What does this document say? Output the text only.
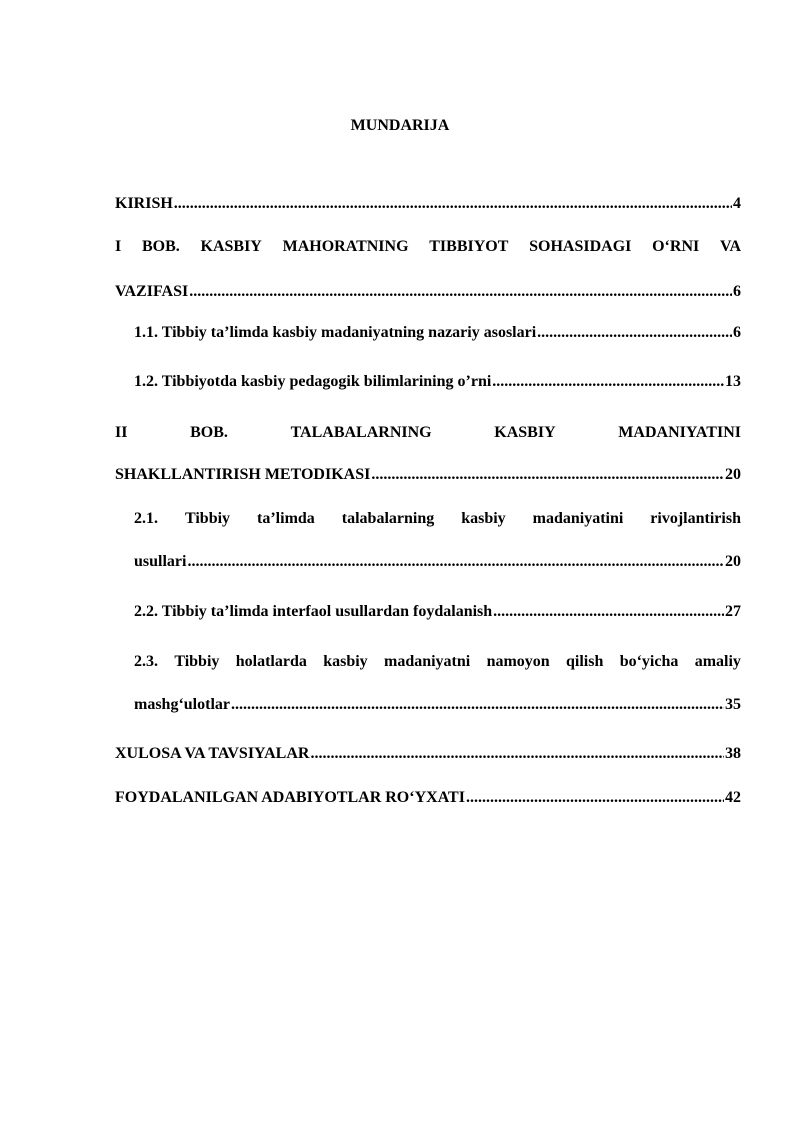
MUNDARIJA
KIRISH .....	4
I BOB. KASBIY MAHORATNING TIBBIYOT SOHASIDAGI O‘RNI VA
VAZIFASI .....	6
1.1. Tibbiy ta’limda kasbiy madaniyatning nazariy asoslari .....	6
1.2. Tibbiyotda kasbiy pedagogik bilimlarining o’rni .....	13
II	BOB.	TALABALARNING	KASBIY	MADANIYATINI
SHAKLLANTIRISH METODIKASI .....	20
2.1. Tibbiy ta’limda talabalarning kasbiy madaniyatini rivojlantirish
usullari .....	20
2.2. Tibbiy ta’limda interfaol usullardan foydalanish .....	27
2.3. Tibbiy holatlarda kasbiy madaniyatni namoyon qilish bo‘yicha amaliy
mashg‘ulotlar .....	35
XULOSA VA TAVSIYALAR .....	38
FOYDALANILGAN ADABIYOTLAR RO‘YXATI .....	42
